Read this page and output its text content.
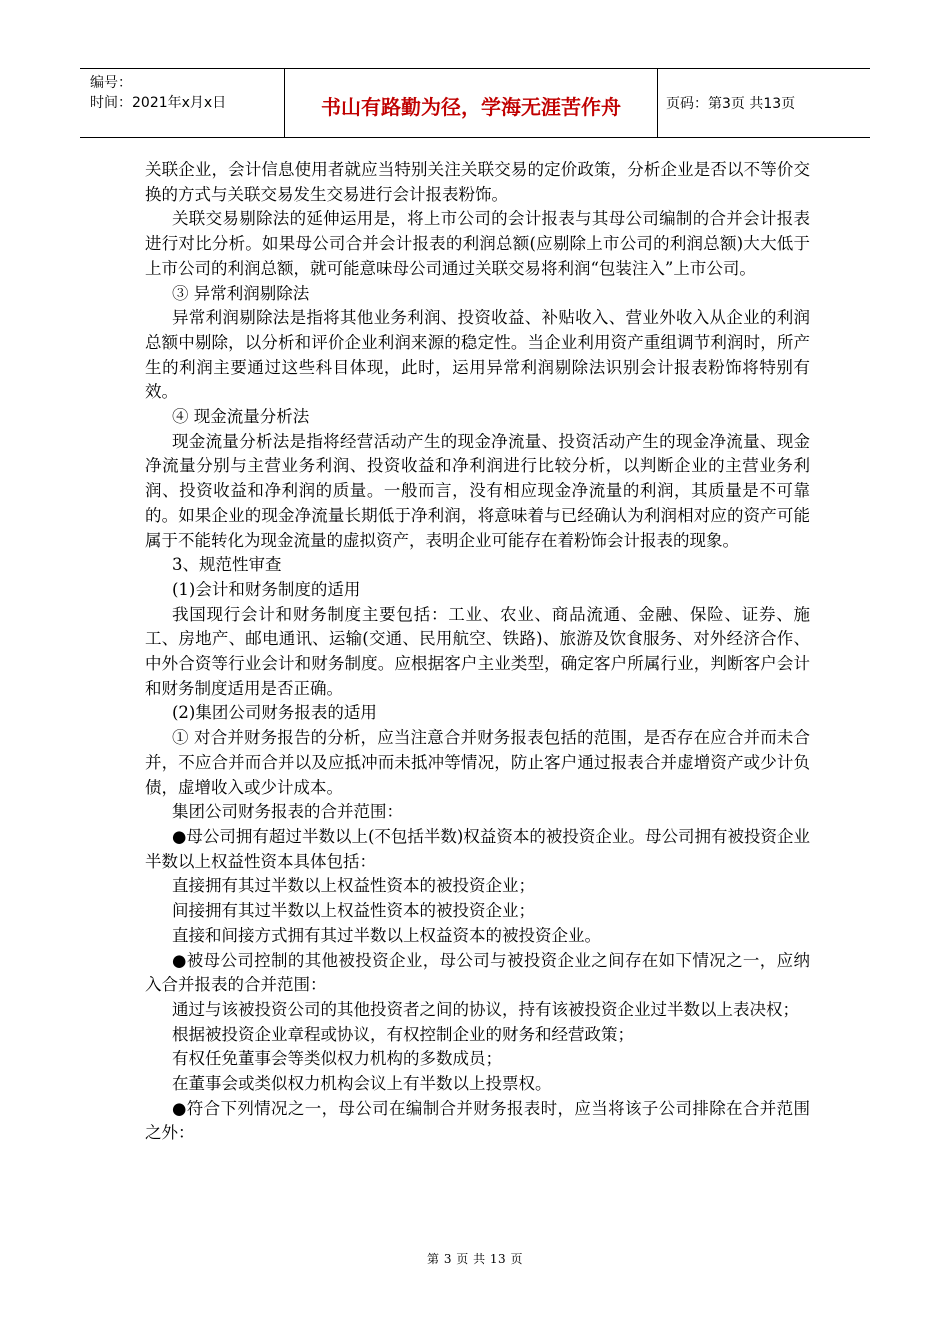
编号：
时间：2021年x月x日	书山有路勤为径，学海无涯苦作舟	页码：第3页 共13页

关联企业，会计信息使用者就应当特别关注关联交易的定价政策，分析企业是否以不等价交换的方式与关联交易发生交易进行会计报表粉饰。

关联交易剔除法的延伸运用是，将上市公司的会计报表与其母公司编制的合并会计报表进行对比分析。如果母公司合并会计报表的利润总额(应剔除上市公司的利润总额)大大低于上市公司的利润总额，就可能意味母公司通过关联交易将利润“包装注入”上市公司。

③ 异常利润剔除法

异常利润剔除法是指将其他业务利润、投资收益、补贴收入、营业外收入从企业的利润总额中剔除，以分析和评价企业利润来源的稳定性。当企业利用资产重组调节利润时，所产生的利润主要通过这些科目体现，此时，运用异常利润剔除法识别会计报表粉饰将特别有效。

④ 现金流量分析法

现金流量分析法是指将经营活动产生的现金净流量、投资活动产生的现金净流量、现金净流量分别与主营业务利润、投资收益和净利润进行比较分析，以判断企业的主营业务利润、投资收益和净利润的质量。一般而言，没有相应现金净流量的利润，其质量是不可靠的。如果企业的现金净流量长期低于净利润，将意味着与已经确认为利润相对应的资产可能属于不能转化为现金流量的虚拟资产，表明企业可能存在着粉饰会计报表的现象。

3、规范性审查

(1)会计和财务制度的适用

我国现行会计和财务制度主要包括：工业、农业、商品流通、金融、保险、证券、施工、房地产、邮电通讯、运输(交通、民用航空、铁路)、旅游及饮食服务、对外经济合作、中外合资等行业会计和财务制度。应根据客户主业类型，确定客户所属行业，判断客户会计和财务制度适用是否正确。

(2)集团公司财务报表的适用

① 对合并财务报告的分析，应当注意合并财务报表包括的范围，是否存在应合并而未合并，不应合并而合并以及应抵冲而未抵冲等情况，防止客户通过报表合并虚增资产或少计负债，虚增收入或少计成本。

集团公司财务报表的合并范围：

●母公司拥有超过半数以上(不包括半数)权益资本的被投资企业。母公司拥有被投资企业半数以上权益性资本具体包括：

直接拥有其过半数以上权益性资本的被投资企业；

间接拥有其过半数以上权益性资本的被投资企业；

直接和间接方式拥有其过半数以上权益资本的被投资企业。

●被母公司控制的其他被投资企业，母公司与被投资企业之间存在如下情况之一，应纳入合并报表的合并范围：

通过与该被投资公司的其他投资者之间的协议，持有该被投资企业过半数以上表决权；

根据被投资企业章程或协议，有权控制企业的财务和经营政策；

有权任免董事会等类似权力机构的多数成员；

在董事会或类似权力机构会议上有半数以上投票权。

●符合下列情况之一，母公司在编制合并财务报表时，应当将该子公司排除在合并范围之外：

第 3 页 共 13 页
